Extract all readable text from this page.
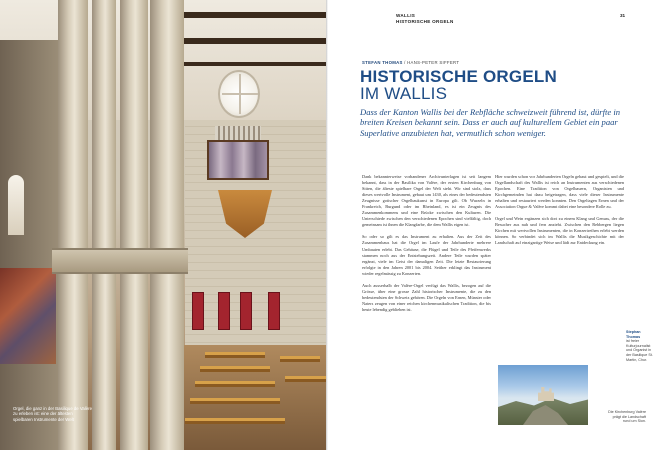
Orgel, die ganz in der Basilique de Valère zu erleben ist: eine der ältesten spielbaren Instrumente der Welt
WALLIS
HISTORISCHE ORGELN
31
STEFAN THOMAS / HANS-PETER SIFFERT
HISTORISCHE ORGELN
IM WALLIS
Dass der Kanton Wallis bei der Rebfläche schweizweit führend ist, dürfte in breiten Kreisen bekannt sein. Dass er auch auf kulturellem Gebiet ein paar Superlative anzubieten hat, vermutlich schon weniger.

Dank bekannterweise vorhandener Archivunterlagen ist seit langem bekannt, dass in der Basilika von Valère, der ersten Kirchenburg von Sitten, die älteste spielbare Orgel der Welt steht. Wir sind stolz, dass dieses wertvolle Instrument, gebaut um 1430, als eines der bedeutendsten Zeugnisse gotischer Orgelbaukunst in Europa gilt. Ob Wurzeln in Frankreich, Burgund oder im Rheinland, es ist ein Zeugnis des Zusammenkommens und eine Brücke zwischen den Kulturen. Die Unterschiede zwischen den verschiedenen Epochen sind vielfältig, doch gemeinsam ist ihnen die Klangfarbe, die dem Wallis eigen ist.

So oder so gilt es das Instrument zu erhalten. Aus der Zeit des Zusammenbaus hat die Orgel im Laufe der Jahrhunderte mehrere Umbauten erlebt. Das Gehäuse, die Flügel und Teile des Pfeifenwerks stammen noch aus der Entstehungszeit. Andere Teile wurden später ergänzt, viele im Geist der damaligen Zeit. Die letzte Restaurierung erfolgte in den Jahren 2001 bis 2004. Seither erklingt das Instrument wieder regelmässig zu Konzerten.

Auch ausserhalb der Valère-Orgel verfügt das Wallis, bezogen auf die Grösse, über eine grosse Zahl historischer Instrumente, die zu den bedeutendsten der Schweiz gehören. Die Orgeln von Ernen, Münster oder Naters zeugen von einer reichen kirchenmusikalischen Tradition, die bis heute lebendig geblieben ist.

Hier wurden schon vor Jahrhunderten Orgeln gebaut und gespielt, und die Orgellandschaft des Wallis ist reich an Instrumenten aus verschiedenen Epochen. Eine Tradition von Orgelbauern, Organisten und Kirchgemeinden hat dazu beigetragen, dass viele dieser Instrumente erhalten und restauriert werden konnten. Den Orgeltagen Ernen und der Association Orgue & Valère kommt dabei eine besondere Rolle zu.

Orgel und Wein ergänzen sich dort zu einem Klang und Genuss, der die Besucher aus nah und fern anzieht. Zwischen den Rebbergen liegen Kirchen mit wertvollen Instrumenten, die in Konzertreihen erlebt werden können. So verbindet sich im Wallis die Musikgeschichte mit der Landschaft auf einzigartige Weise und lädt zur Entdeckung ein.

Stephan Thomas
ist freier Kulturjournalist und Organist in der Basilique St. Martin, Chur.
Die Kirchenburg Valère prägt die Landschaft rund um Sion.
